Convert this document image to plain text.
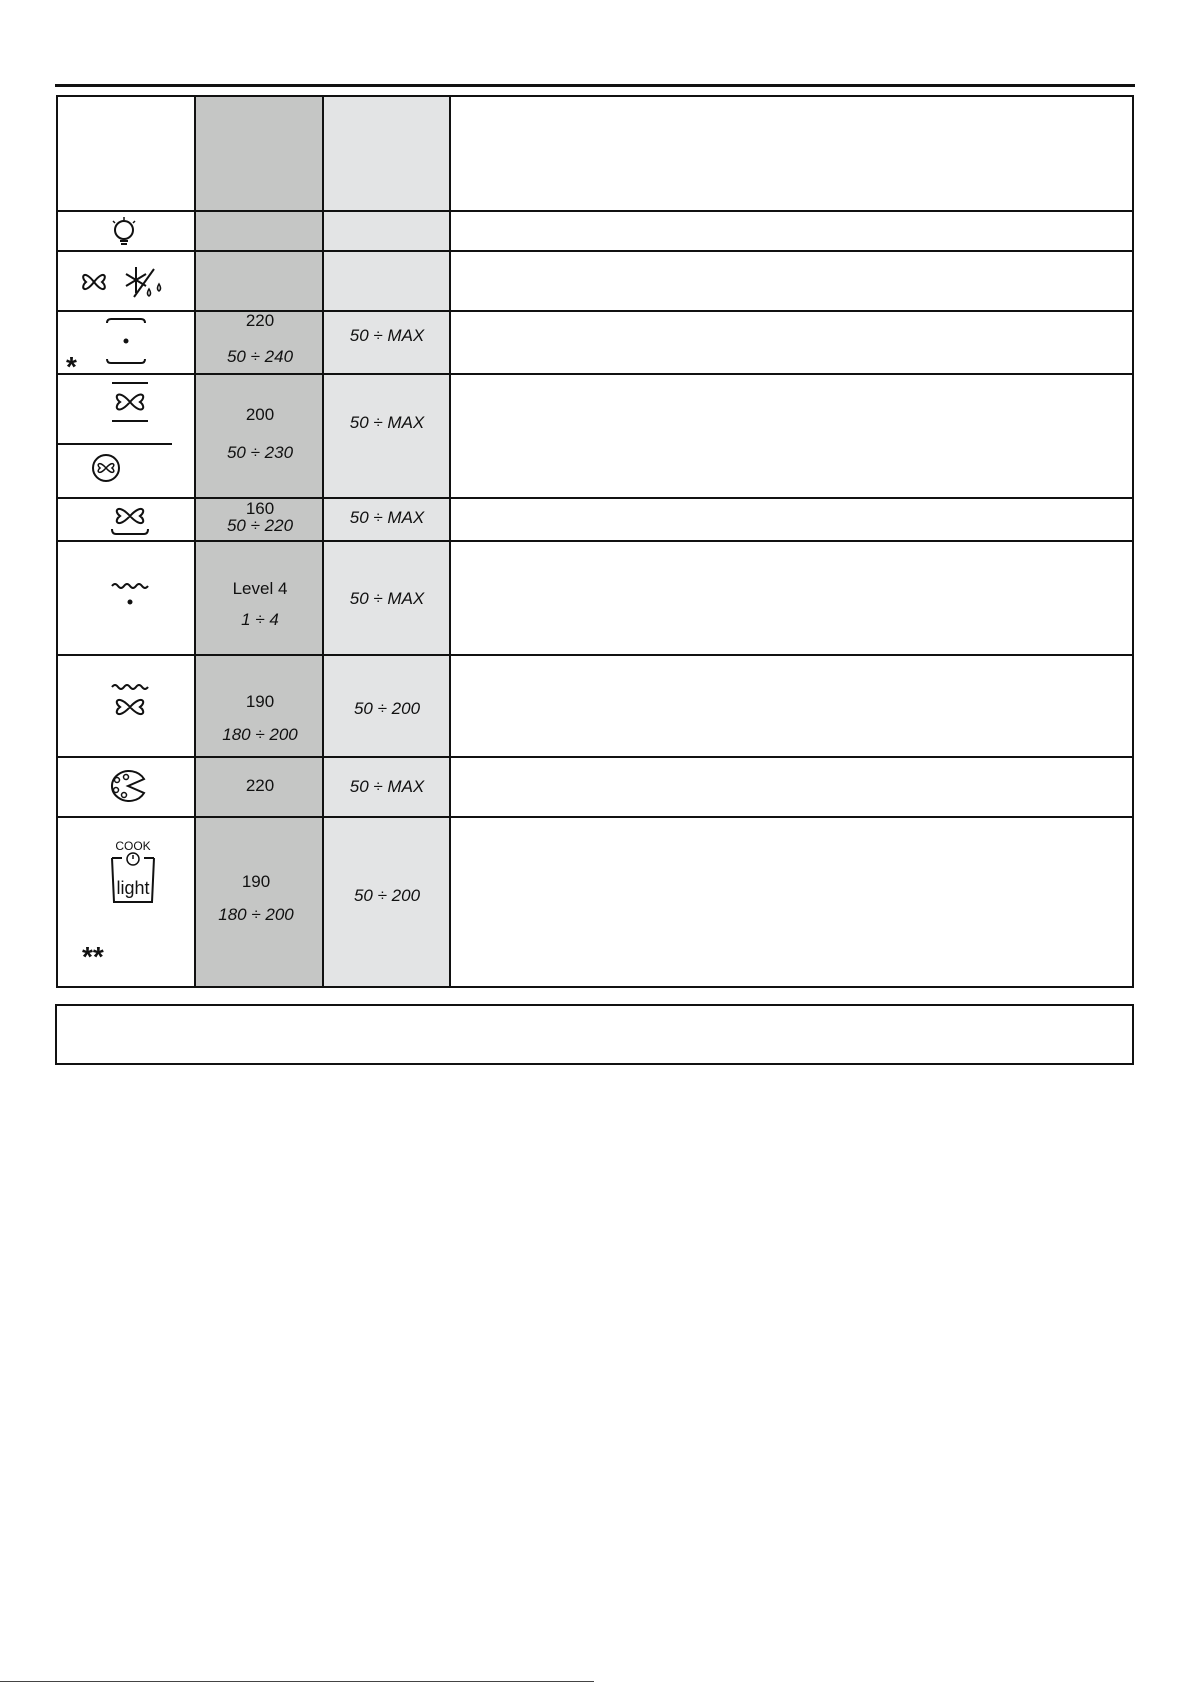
*
220
50 ÷ 240
50 ÷ MAX
200
50 ÷ 230
50 ÷ MAX
160
50 ÷ 220	50 ÷ MAX
Level 4
1 ÷ 4
50 ÷ MAX
190
180 ÷ 200
50 ÷ 200
220	50 ÷ MAX
COOK
light
**
190
180 ÷ 200
50 ÷ 200
